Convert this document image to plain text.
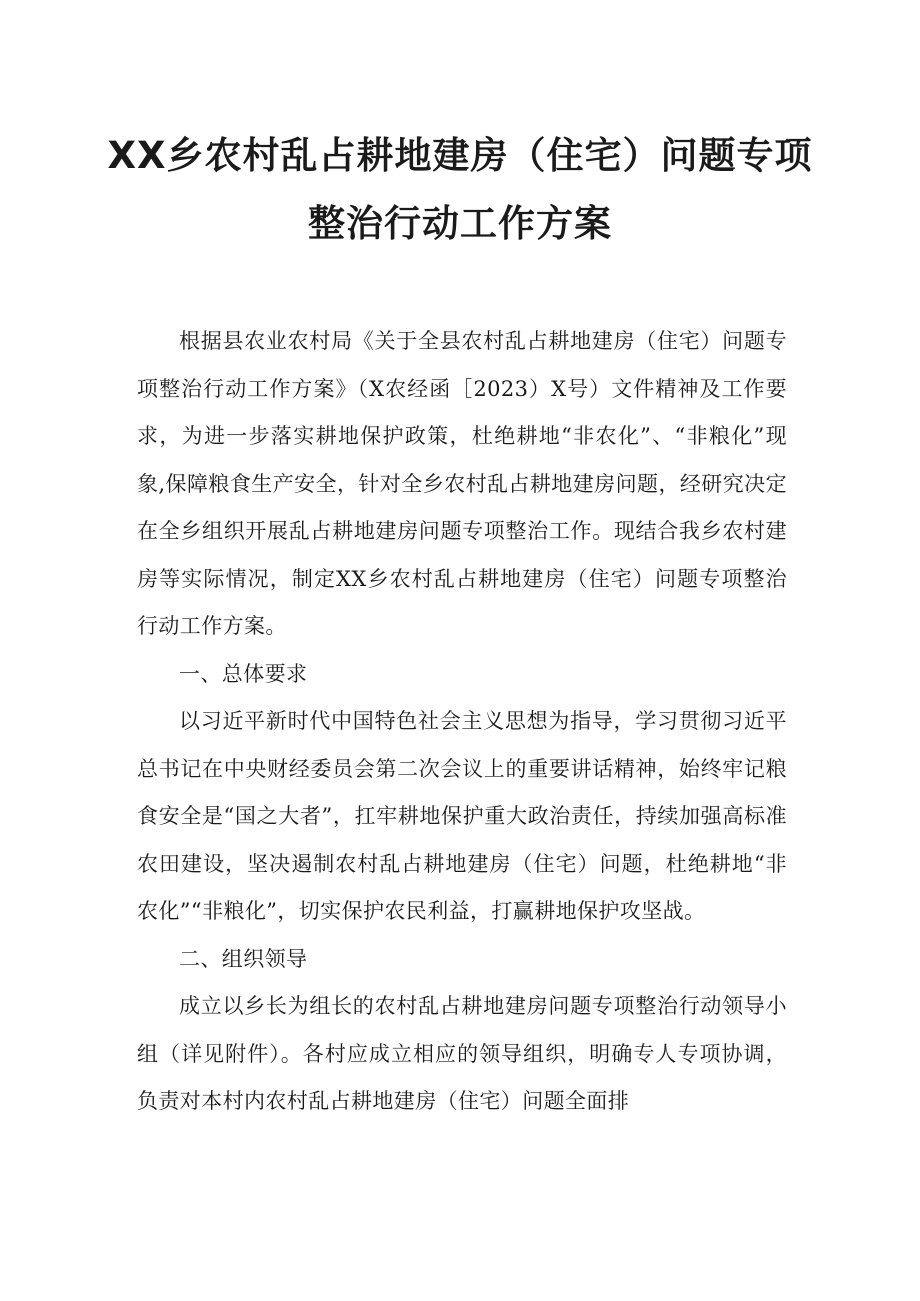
XX乡农村乱占耕地建房（住宅）问题专项
整治行动工作方案

根据县农业农村局《关于全县农村乱占耕地建房（住宅）问题专项整治行动工作方案》（X农经函［2023）X号）文件精神及工作要求，为进一步落实耕地保护政策，杜绝耕地“非农化”、“非粮化”现象,保障粮食生产安全，针对全乡农村乱占耕地建房问题，经研究决定在全乡组织开展乱占耕地建房问题专项整治工作。现结合我乡农村建房等实际情况，制定XX乡农村乱占耕地建房（住宅）问题专项整治行动工作方案。

一、总体要求

以习近平新时代中国特色社会主义思想为指导，学习贯彻习近平总书记在中央财经委员会第二次会议上的重要讲话精神，始终牢记粮食安全是“国之大者”，扛牢耕地保护重大政治责任，持续加强高标准农田建设，坚决遏制农村乱占耕地建房（住宅）问题，杜绝耕地“非农化”“非粮化”，切实保护农民利益，打赢耕地保护攻坚战。

二、组织领导

成立以乡长为组长的农村乱占耕地建房问题专项整治行动领导小组（详见附件）。各村应成立相应的领导组织，明确专人专项协调，负责对本村内农村乱占耕地建房（住宅）问题全面排
